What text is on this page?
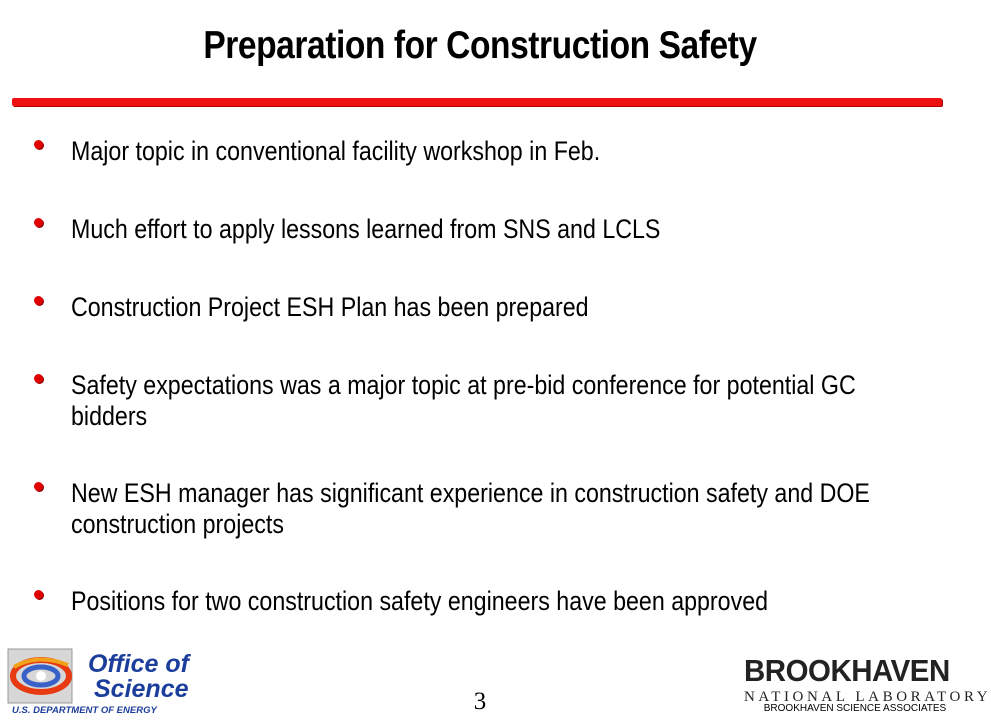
Preparation for Construction Safety
Major topic in conventional facility workshop in Feb.
Much effort to apply lessons learned from SNS and LCLS
Construction Project ESH Plan has been prepared
Safety expectations was a major topic at pre-bid conference for potential GC bidders
New ESH manager has significant experience in construction safety and DOE construction projects
Positions for two construction safety engineers have been approved
Office of
Science
U.S. DEPARTMENT OF ENERGY	3
BROOKHAVEN
NATIONAL LABORATORY
BROOKHAVEN SCIENCE ASSOCIATES
